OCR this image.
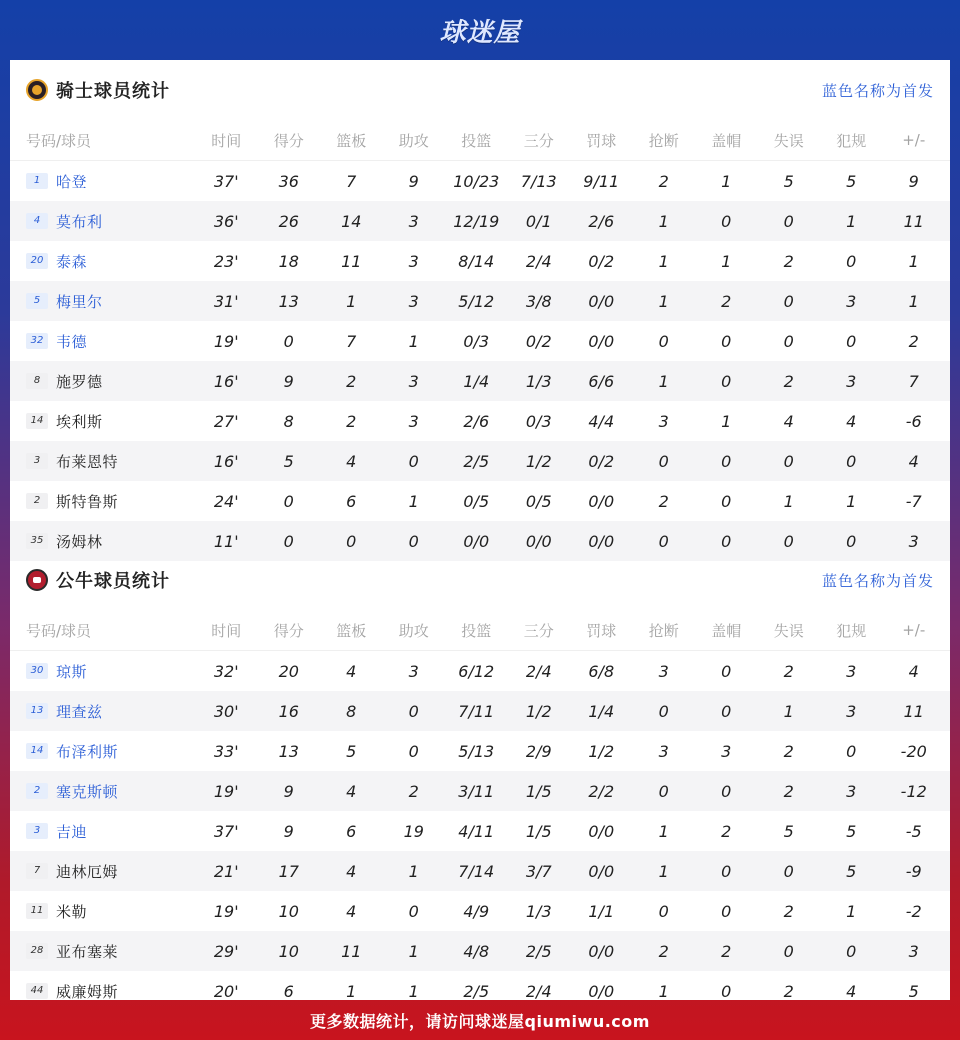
球迷屋
骑士球员统计	蓝色名称为首发
号码/球员	时间	得分	篮板	助攻	投篮	三分	罚球	抢断	盖帽	失误	犯规	+/-
1	哈登	37'	36	7	9	10/23	7/13	9/11	2	1	5	5	9
4	莫布利	36'	26	14	3	12/19	0/1	2/6	1	0	0	1	11
20 泰森	23'	18	11	3	8/14	2/4	0/2	1	1	2	0	1
5	梅里尔	31'	13	1	3	5/12	3/8	0/0	1	2	0	3	1
32 韦德	19'	0	7	1	0/3	0/2	0/0	0	0	0	0	2
8	施罗德	16'	9	2	3	1/4	1/3	6/6	1	0	2	3	7
14 埃利斯	27'	8	2	3	2/6	0/3	4/4	3	1	4	4	-6
3	布莱恩特	16'	5	4	0	2/5	1/2	0/2	0	0	0	0	4
2	斯特鲁斯	24'	0	6	1	0/5	0/5	0/0	2	0	1	1	-7
35 汤姆林	11'	0	0	0	0/0	0/0	0/0	0	0	0	0	3
公牛球员统计	蓝色名称为首发
号码/球员	时间	得分	篮板	助攻	投篮	三分	罚球	抢断	盖帽	失误	犯规	+/-
30 琼斯	32'	20	4	3	6/12	2/4	6/8	3	0	2	3	4
13 理查兹	30'	16	8	0	7/11	1/2	1/4	0	0	1	3	11
14 布泽利斯	33'	13	5	0	5/13	2/9	1/2	3	3	2	0	-20
2	塞克斯顿	19'	9	4	2	3/11	1/5	2/2	0	0	2	3	-12
3	吉迪	37'	9	6	19	4/11	1/5	0/0	1	2	5	5	-5
7	迪林厄姆	21'	17	4	1	7/14	3/7	0/0	1	0	0	5	-9
11 米勒	19'	10	4	0	4/9	1/3	1/1	0	0	2	1	-2
28 亚布塞莱	29'	10	11	1	4/8	2/5	0/0	2	2	0	0	3
44 威廉姆斯	20'	6	1	1	2/5	2/4	0/0	1	0	2	4	5
更多数据统计，请访问球迷屋qiumiwu.com
